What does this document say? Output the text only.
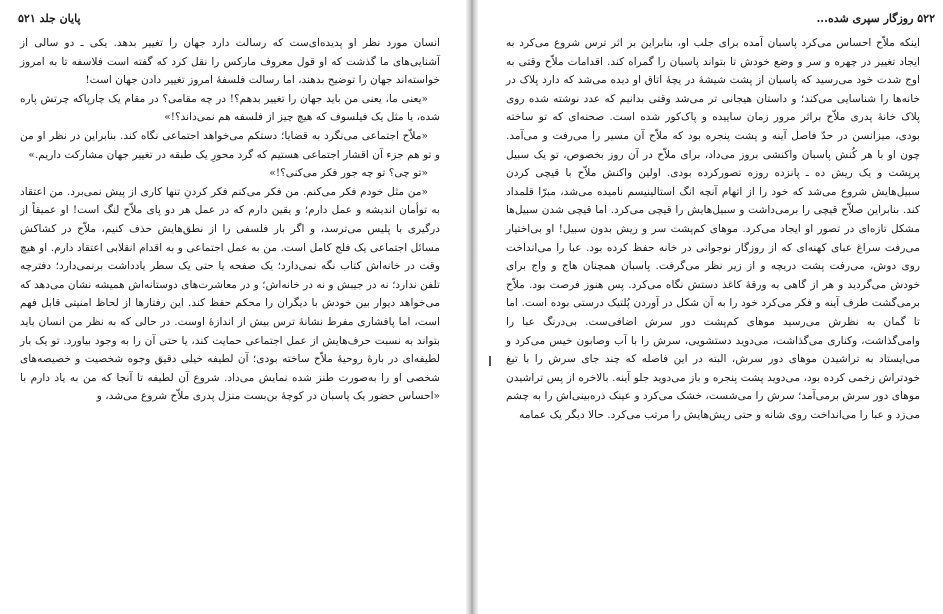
پایان جلد ۵۲۱

انسان مورد نظر او پدیده‌ای‌ست که رسالت دارد جهان را تغییر بدهد. یکی ـ دو سالی از آشنایی‌های ما گذشت که او قول معروف مارکس را نقل کرد که گفته است فلاسفه تا به امروز خواسته‌اند جهان را توضیح بدهند، اما رسالت فلسفهٔ امروز تغییر دادن جهان است!

«یعنی ما، یعنی من باید جهان را تغییر بدهم؟! در چه مقامی؟ در مقام یک چارپاکه چرتش پاره شده، یا مثل یک فیلسوف که هیچ چیز از فلسفه هم نمی‌داند؟!»

«ملاّح اجتماعی می‌نگرد به قضایا؛ دستکم می‌خواهد اجتماعی نگاه کند. بنابراین در نظر او من و تو هم جزء آن اقشار اجتماعی هستیم که گرد محورِ یک طبقه در تغییر جهان مشارکت داریم.»

«تو چی؟ تو چه جور فکر می‌کنی؟!»

«من مثل خودم فکر می‌کنم. من فکر می‌کنم فکر کردنِ تنها کاری از پیش نمی‌برد. من اعتقاد به توأمان اندیشه و عمل دارم؛ و یقین دارم که در عمل هر دو پای ملاّح لنگ است! او عمیقاً از درگیری با پلیس می‌ترسد، و اگر بار فلسفی را از نطق‌هایش حذف کنیم، ملاّح در کشاکش مسائل اجتماعی یک فلج کامل است. من به عمل اجتماعی و به اقدام انقلابی اعتقاد دارم. او هیچ وقت در خانه‌اش کتاب نگه نمی‌دارد؛ یک صفحه یا حتی یک سطر یادداشت برنمی‌دارد؛ دفترچه تلفن ندارد؛ نه در جیبش و نه در خانه‌اش؛ و در معاشرت‌های دوستانه‌اش همیشه نشان می‌دهد که می‌خواهد دیوار بین خودش با دیگران را محکم حفظ کند. این رفتارها از لحاظ امنیتی قابل فهم است، اما پافشاری مفرط نشانهٔ ترس بیش از اندازهٔ اوست. در حالی که به نظر من انسان باید بتواند به نسبت حرف‌هایش از عمل اجتماعی حمایت کند، یا حتی آن را به وجود بیاورد. تو یک بار لطیفه‌ای در بارهٔ روحیهٔ ملاّح ساخته بودی؛ آن لطیفه خیلی دقیق وجوه شخصیت و خصیصه‌های شخصی او را به‌صورت طنز شده نمایش می‌داد. شروع آن لطیفه تا آنجا که من به یاد دارم با «احساس حضور یک پاسبان در کوچهٔ بن‌بست منزل پدری ملاّح شروع می‌شد، و

۵۲۲ روزگار سپری شده...

اینکه ملاّح احساس می‌کرد پاسبان آمده برای جلب او، بنابراین بر اثر ترس شروع می‌کرد به ایجاد تغییر در چهره و سر و وضع خودش تا بتواند پاسبان را گمراه کند. اقدامات ملاّح وقتی به اوج شدت خود می‌رسید که پاسبان از پشت شیشهٔ در یچهٔ اتاق او دیده می‌شد که دارد پلاک در خانه‌ها را شناسایی می‌کند؛ و داستان هیجانی تر می‌شد وقتی بدانیم که عدد نوشته شده روی پلاک خانهٔ پدری ملاّح براثر مرور زمان ساییده و پاک‌کور شده است. صحنه‌ای که تو ساخته بودی، میزانسن در حدّ فاصل آینه و پشت پنجره بود که ملاّح آن مسیر را می‌رفت و می‌آمد. چون او با هر کُنش پاسبان واکنشی بروز می‌داد، برای ملاّح در آن روز بخصوص، تو یک سبیل پرپشت و یک ریش ده ـ پانزده روزه تصورکرده بودی. اولین واکنش ملاّح با قیچی کردن سبیل‌هایش شروع می‌شد که خود را از اتهام آنچه انگ استالینیسم نامیده می‌شد، مبرّا قلمداد کند. بنابراین صلاّح قیچی را برمی‌داشت و سبیل‌هایش را قیچی می‌کرد. اما قیچی شدن سبیل‌ها مشکل تازه‌ای در تصور او ایجاد می‌کرد. موهای کم‌پشت سر و ریش بدون سبیل! او بی‌اختیار می‌رفت سراغ عبای کهنه‌ای که از روزگار نوجوانی در خانه حفظ کرده بود. عبا را می‌انداخت روی دوش، می‌رفت پشت دریچه و از زیر نظر می‌گرفت. پاسبان همچنان هاج و واج برای خودش می‌گردید و هر از گاهی به ورقهٔ کاغذ دستش نگاه می‌کرد. پس هنوز فرصت بود. ملاّح برمی‌گشت طرف آینه و فکر می‌کرد خود را به آن شکل در آوردن پُلتیک درستی بوده است. اما تا گمان به نظرش می‌رسید موهای کم‌پشت دور سرش اضافی‌ست. بی‌درنگ عبا را وامی‌گذاشت، وکناری می‌گذاشت، می‌دوید دستشویی، سرش را با آب وصابون خیس می‌کرد و می‌ایستاد به تراشیدن موهای دور سرش، البته در این فاصله که چند جای سرش را با تیغ خودتراش زخمی کرده بود، می‌دوید پشت پنجره و باز می‌دوید جلو آینه. بالاخره از پس تراشیدن موهای دور سرش برمی‌آمد؛ سرش را می‌شست، خشک می‌کرد و عینک ذره‌بینی‌اش را به چشم می‌زد و عبا را می‌انداخت روی شانه و حتی ریش‌هایش را مرتب می‌کرد. حالا دیگر یک عمامه
